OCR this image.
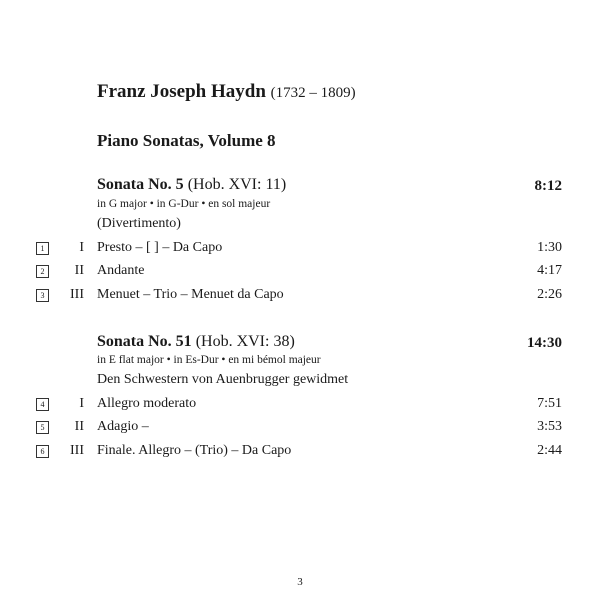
Franz Joseph Haydn (1732 – 1809)
Piano Sonatas, Volume 8
Sonata No. 5 (Hob. XVI: 11)	8:12
in G major • in G-Dur • en sol majeur
(Divertimento)
1	I Presto – [ ] – Da Capo	1:30
2	II Andante	4:17
3	III Menuet – Trio – Menuet da Capo	2:26
Sonata No. 51 (Hob. XVI: 38)	14:30
in E flat major • in Es-Dur • en mi bémol majeur
Den Schwestern von Auenbrugger gewidmet
4	I Allegro moderato	7:51
5	II Adagio –	3:53
6	III Finale. Allegro – (Trio) – Da Capo	2:44
3
